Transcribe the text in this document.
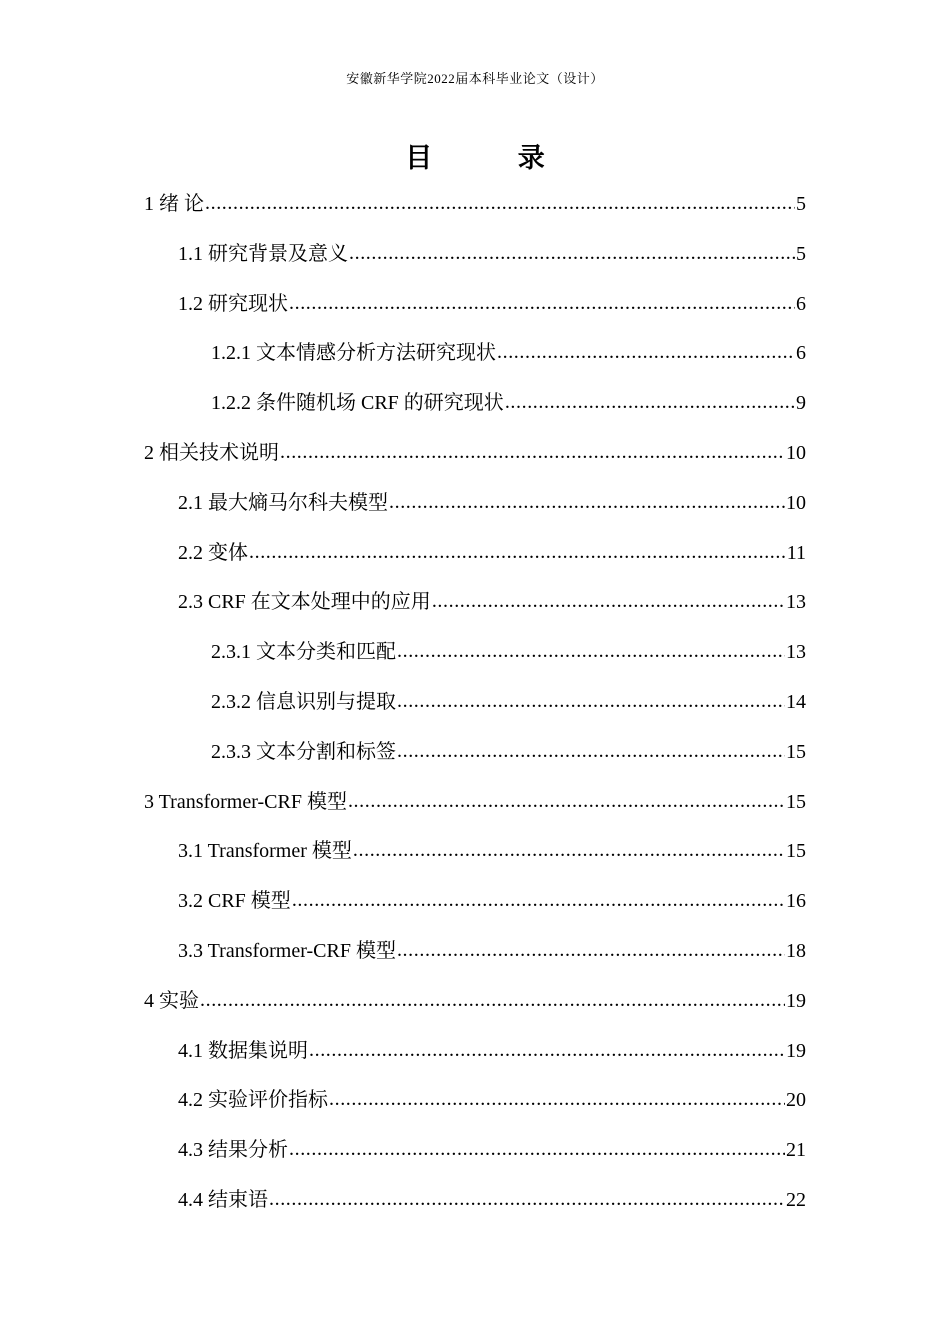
安徽新华学院2022届本科毕业论文（设计）
目 录
1 绪 论 .....	5
1.1 研究背景及意义 .....	5
1.2 研究现状 .....	6
1.2.1 文本情感分析方法研究现状 .....	6
1.2.2 条件随机场 CRF 的研究现状 .....	9
2 相关技术说明 .....	10
2.1 最大熵马尔科夫模型 .....	10
2.2 变体 .....	11
2.3 CRF 在文本处理中的应用 .....	13
2.3.1 文本分类和匹配 .....	13
2.3.2 信息识别与提取 .....	14
2.3.3 文本分割和标签 .....	15
3 Transformer-CRF 模型 .....	15
3.1 Transformer 模型 .....	15
3.2 CRF 模型 .....	16
3.3 Transformer-CRF 模型 .....	18
4 实验 .....	19
4.1 数据集说明 .....	19
4.2 实验评价指标 .....	20
4.3 结果分析 .....	21
4.4 结束语 .....	22
